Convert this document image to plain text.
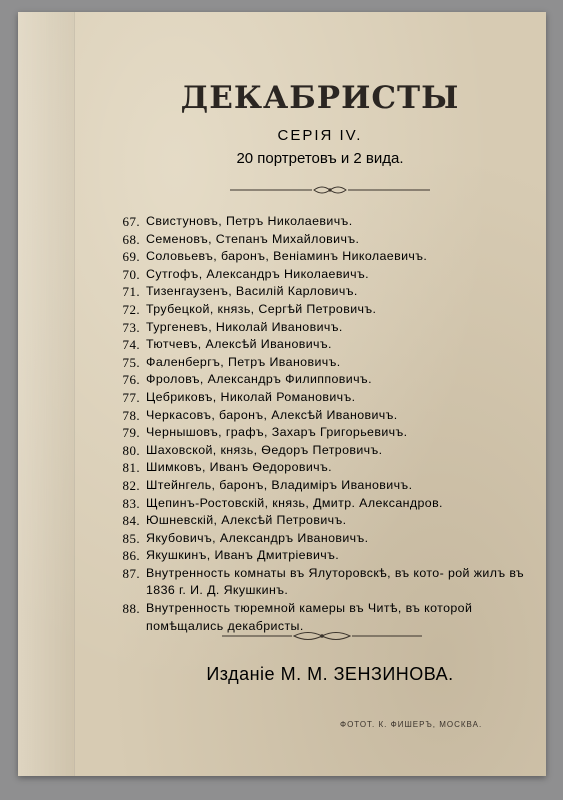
ДЕКАБРИСТЫ
СЕРІЯ IV.
20 портретовъ и 2 вида.
67. Свистуновъ, Петръ Николаевичъ.
68. Семеновъ, Степанъ Михайловичъ.
69. Соловьевъ, баронъ, Веніаминъ Николаевичъ.
70. Сутгофъ, Александръ Николаевичъ.
71. Тизенгаузенъ, Василій Карловичъ.
72. Трубецкой, князь, Сергѣй Петровичъ.
73. Тургеневъ, Николай Ивановичъ.
74. Тютчевъ, Алексѣй Ивановичъ.
75. Фаленбергъ, Петръ Ивановичъ.
76. Фроловъ, Александръ Филипповичъ.
77. Цебриковъ, Николай Романовичъ.
78. Черкасовъ, баронъ, Алексѣй Ивановичъ.
79. Чернышовъ, графъ, Захаръ Григорьевичъ.
80. Шаховской, князь, Ѳедоръ Петровичъ.
81. Шимковъ, Иванъ Ѳедоровичъ.
82. Штейнгель, баронъ, Владиміръ Ивановичъ.
83. Щепинъ-Ростовскій, князь, Дмитр. Александров.
84. Юшневскій, Алексѣй Петровичъ.
85. Якубовичъ, Александръ Ивановичъ.
86. Якушкинъ, Иванъ Дмитріевичъ.
87. Внутренность комнаты въ Ялуторовскѣ, въ кото- рой жилъ въ 1836 г. И. Д. Якушкинъ.
88. Внутренность тюремной камеры въ Читѣ, въ которой помѣщались декабристы.
Изданіе М. М. ЗЕНЗИНОВА.
ФОТОТ. К. ФИШЕРЪ, МОСКВА.
